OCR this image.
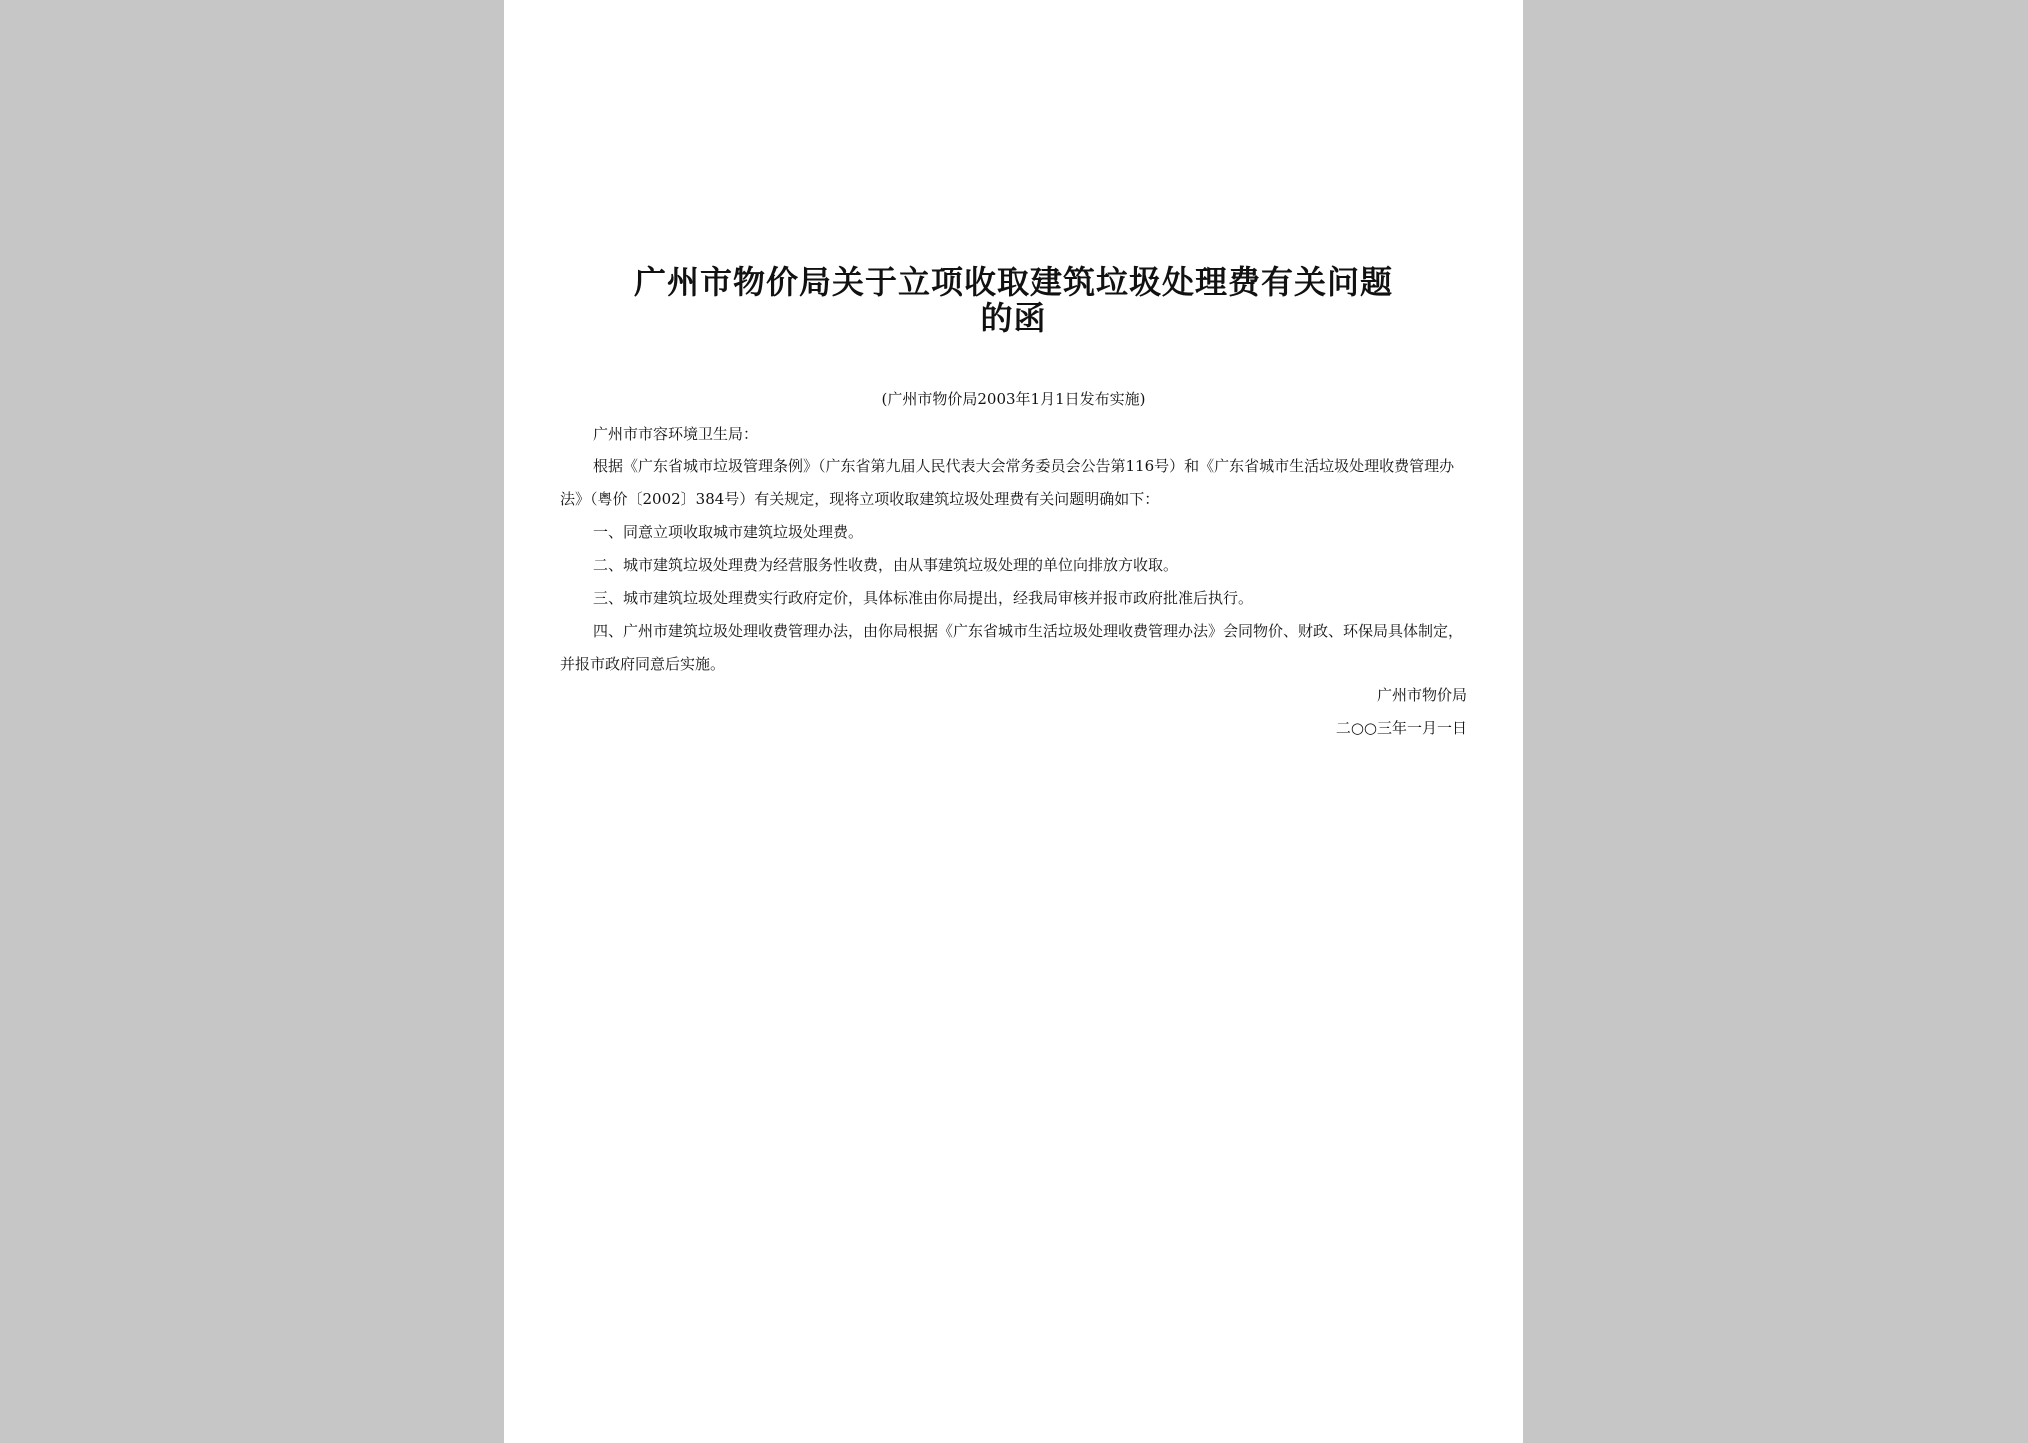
广州市物价局关于立项收取建筑垃圾处理费有关问题
的函
(广州市物价局2003年1月1日发布实施)

广州市市容环境卫生局：

根据《广东省城市垃圾管理条例》（广东省第九届人民代表大会常务委员会公告第116号）和《广东省城市生活垃圾处理收费管理办法》（粤价〔2002〕384号）有关规定，现将立项收取建筑垃圾处理费有关问题明确如下：

一、同意立项收取城市建筑垃圾处理费。

二、城市建筑垃圾处理费为经营服务性收费，由从事建筑垃圾处理的单位向排放方收取。

三、城市建筑垃圾处理费实行政府定价，具体标准由你局提出，经我局审核并报市政府批准后执行。

四、广州市建筑垃圾处理收费管理办法，由你局根据《广东省城市生活垃圾处理收费管理办法》会同物价、财政、环保局具体制定，并报市政府同意后实施。

广州市物价局
二○○三年一月一日
